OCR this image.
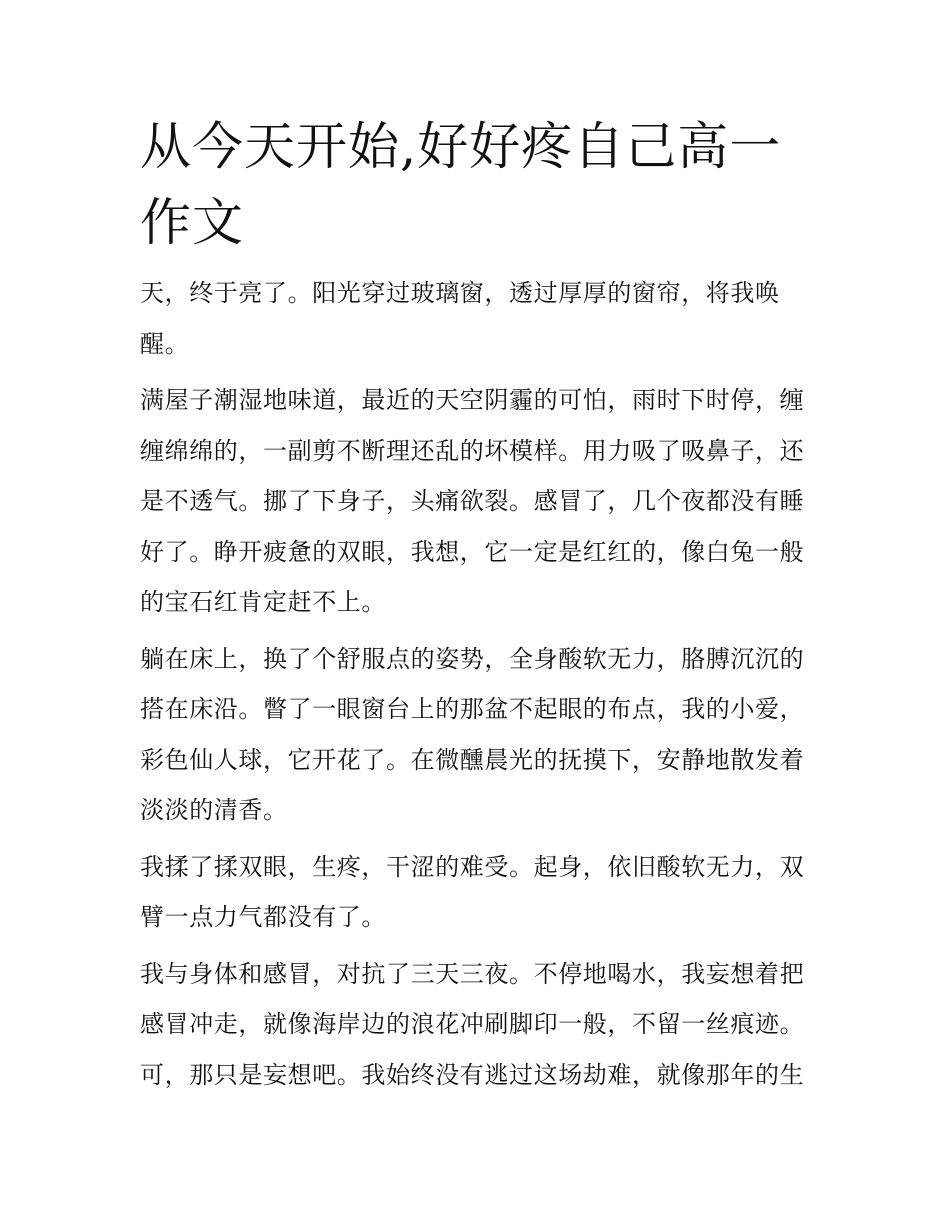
从今天开始,好好疼自己高一作文

天，终于亮了。阳光穿过玻璃窗，透过厚厚的窗帘，将我唤醒。

满屋子潮湿地味道，最近的天空阴霾的可怕，雨时下时停，缠缠绵绵的，一副剪不断理还乱的坏模样。用力吸了吸鼻子，还是不透气。挪了下身子，头痛欲裂。感冒了，几个夜都没有睡好了。睁开疲惫的双眼，我想，它一定是红红的，像白兔一般的宝石红肯定赶不上。

躺在床上，换了个舒服点的姿势，全身酸软无力，胳膊沉沉的搭在床沿。瞥了一眼窗台上的那盆不起眼的布点，我的小爱，彩色仙人球，它开花了。在微醺晨光的抚摸下，安静地散发着淡淡的清香。

我揉了揉双眼，生疼，干涩的难受。起身，依旧酸软无力，双臂一点力气都没有了。

我与身体和感冒，对抗了三天三夜。不停地喝水，我妄想着把感冒冲走，就像海岸边的浪花冲刷脚印一般，不留一丝痕迹。可，那只是妄想吧。我始终没有逃过这场劫难，就像那年的生
